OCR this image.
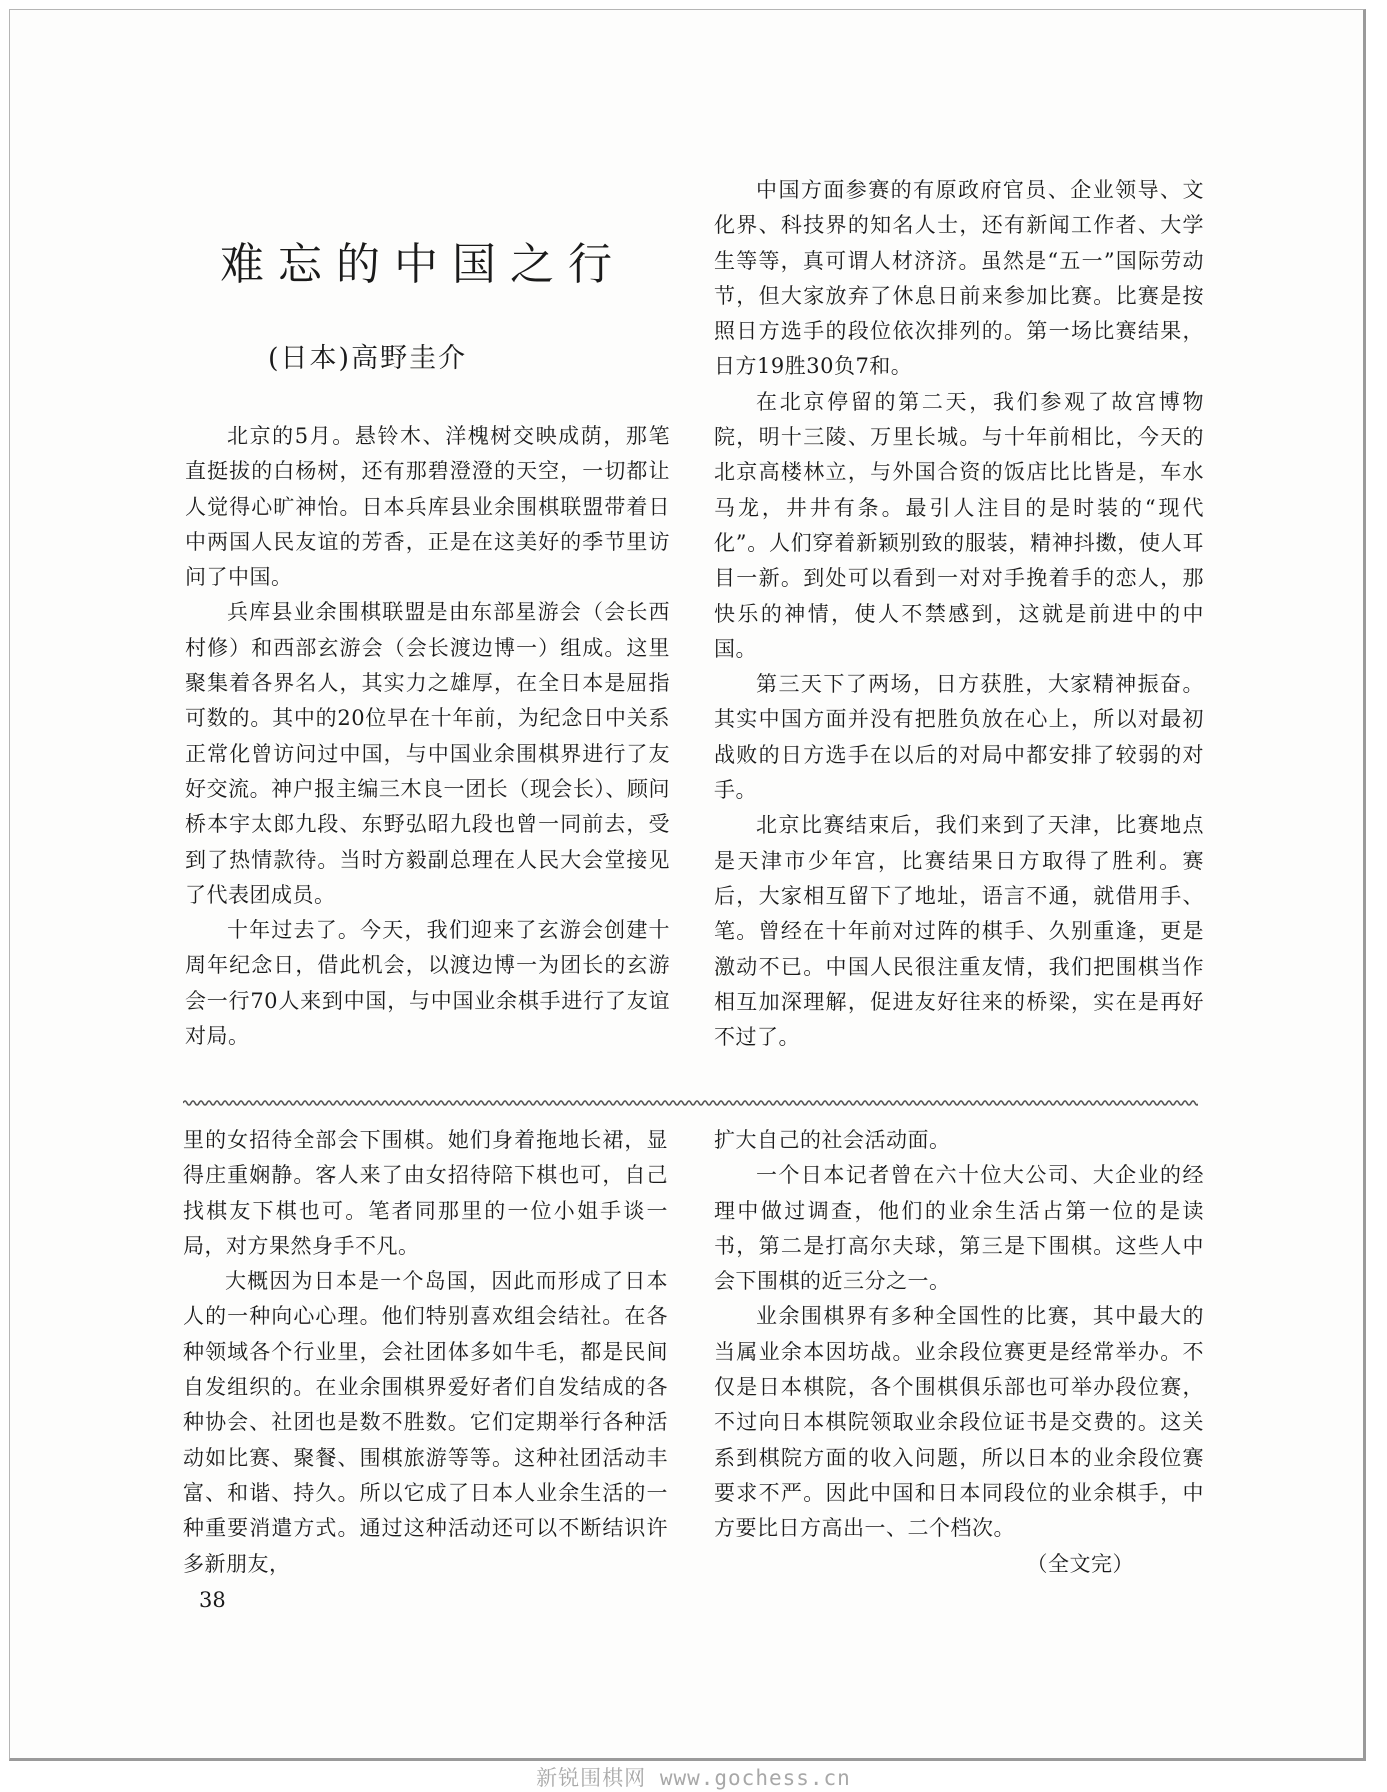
难忘的中国之行
(日本)高野圭介

北京的5月。悬铃木、洋槐树交映成荫，那笔直挺拔的白杨树，还有那碧澄澄的天空，一切都让人觉得心旷神怡。日本兵库县业余围棋联盟带着日中两国人民友谊的芳香，正是在这美好的季节里访问了中国。

兵库县业余围棋联盟是由东部星游会（会长西村修）和西部玄游会（会长渡边博一）组成。这里聚集着各界名人，其实力之雄厚，在全日本是屈指可数的。其中的20位早在十年前，为纪念日中关系正常化曾访问过中国，与中国业余围棋界进行了友好交流。神户报主编三木良一团长（现会长）、顾问桥本宇太郎九段、东野弘昭九段也曾一同前去，受到了热情款待。当时方毅副总理在人民大会堂接见了代表团成员。

十年过去了。今天，我们迎来了玄游会创建十周年纪念日，借此机会，以渡边博一为团长的玄游会一行70人来到中国，与中国业余棋手进行了友谊对局。

中国方面参赛的有原政府官员、企业领导、文化界、科技界的知名人士，还有新闻工作者、大学生等等，真可谓人材济济。虽然是“五一”国际劳动节，但大家放弃了休息日前来参加比赛。比赛是按照日方选手的段位依次排列的。第一场比赛结果，日方19胜30负7和。

在北京停留的第二天，我们参观了故宫博物院，明十三陵、万里长城。与十年前相比，今天的北京高楼林立，与外国合资的饭店比比皆是，车水马龙，井井有条。最引人注目的是时装的“现代化”。人们穿着新颖别致的服装，精神抖擞，使人耳目一新。到处可以看到一对对手挽着手的恋人，那快乐的神情，使人不禁感到，这就是前进中的中国。

第三天下了两场，日方获胜，大家精神振奋。其实中国方面并没有把胜负放在心上，所以对最初战败的日方选手在以后的对局中都安排了较弱的对手。

北京比赛结束后，我们来到了天津，比赛地点是天津市少年宫，比赛结果日方取得了胜利。赛后，大家相互留下了地址，语言不通，就借用手、笔。曾经在十年前对过阵的棋手、久别重逢，更是激动不已。中国人民很注重友情，我们把围棋当作相互加深理解，促进友好往来的桥梁，实在是再好不过了。

里的女招待全部会下围棋。她们身着拖地长裙，显得庄重娴静。客人来了由女招待陪下棋也可，自己找棋友下棋也可。笔者同那里的一位小姐手谈一局，对方果然身手不凡。

大概因为日本是一个岛国，因此而形成了日本人的一种向心心理。他们特别喜欢组会结社。在各种领域各个行业里，会社团体多如牛毛，都是民间自发组织的。在业余围棋界爱好者们自发结成的各种协会、社团也是数不胜数。它们定期举行各种活动如比赛、聚餐、围棋旅游等等。这种社团活动丰富、和谐、持久。所以它成了日本人业余生活的一种重要消遣方式。通过这种活动还可以不断结识许多新朋友，

扩大自己的社会活动面。

一个日本记者曾在六十位大公司、大企业的经理中做过调查，他们的业余生活占第一位的是读书，第二是打高尔夫球，第三是下围棋。这些人中会下围棋的近三分之一。

业余围棋界有多种全国性的比赛，其中最大的当属业余本因坊战。业余段位赛更是经常举办。不仅是日本棋院，各个围棋俱乐部也可举办段位赛，不过向日本棋院领取业余段位证书是交费的。这关系到棋院方面的收入问题，所以日本的业余段位赛要求不严。因此中国和日本同段位的业余棋手，中方要比日方高出一、二个档次。

（全文完）

38
新锐围棋网 www.gochess.cn
